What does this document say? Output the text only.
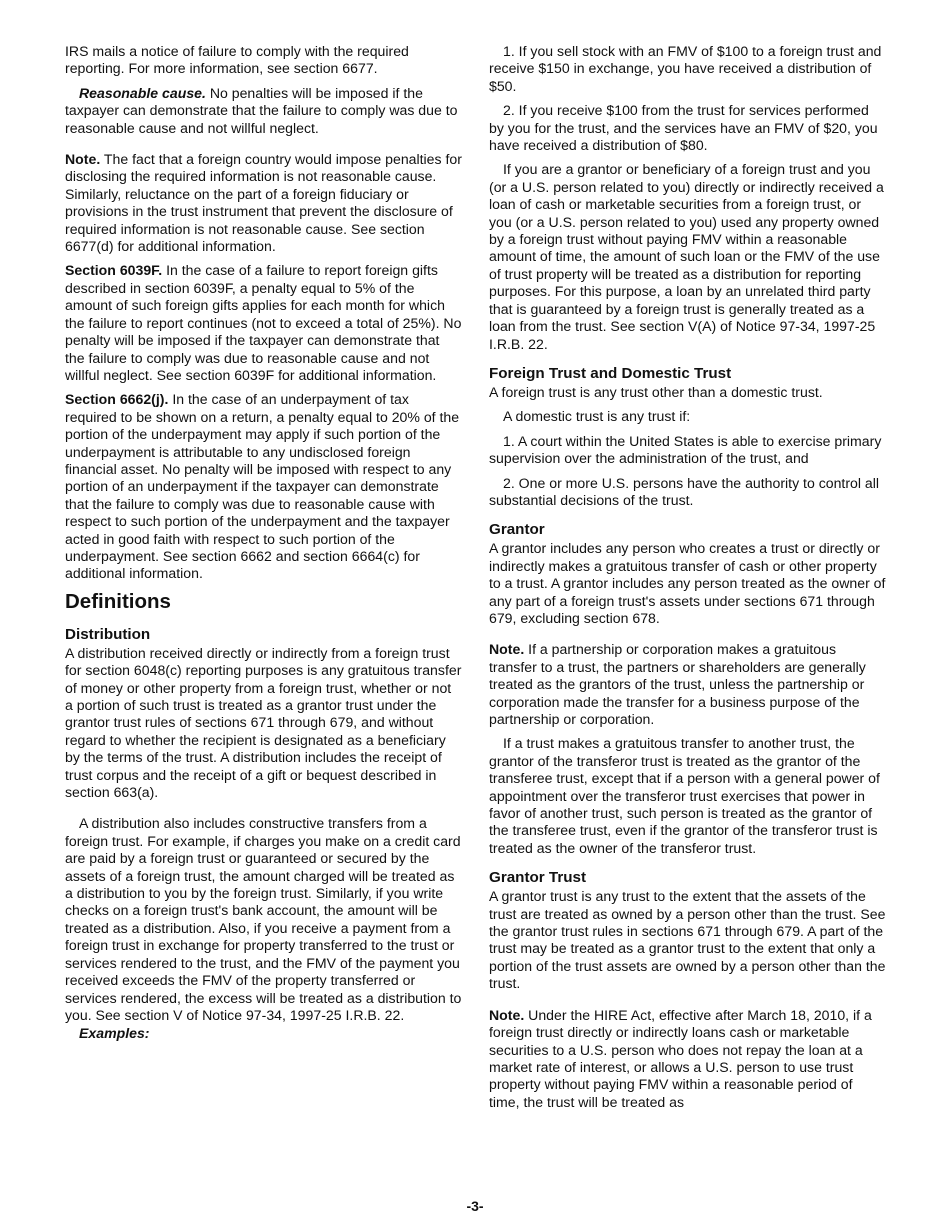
IRS mails a notice of failure to comply with the required reporting. For more information, see section 6677.

Reasonable cause. No penalties will be imposed if the taxpayer can demonstrate that the failure to comply was due to reasonable cause and not willful neglect.

Note. The fact that a foreign country would impose penalties for disclosing the required information is not reasonable cause. Similarly, reluctance on the part of a foreign fiduciary or provisions in the trust instrument that prevent the disclosure of required information is not reasonable cause. See section 6677(d) for additional information.

Section 6039F. In the case of a failure to report foreign gifts described in section 6039F, a penalty equal to 5% of the amount of such foreign gifts applies for each month for which the failure to report continues (not to exceed a total of 25%). No penalty will be imposed if the taxpayer can demonstrate that the failure to comply was due to reasonable cause and not willful neglect. See section 6039F for additional information.

Section 6662(j). In the case of an underpayment of tax required to be shown on a return, a penalty equal to 20% of the portion of the underpayment may apply if such portion of the underpayment is attributable to any undisclosed foreign financial asset. No penalty will be imposed with respect to any portion of an underpayment if the taxpayer can demonstrate that the failure to comply was due to reasonable cause with respect to such portion of the underpayment and the taxpayer acted in good faith with respect to such portion of the underpayment. See section 6662 and section 6664(c) for additional information.

Definitions
Distribution

A distribution received directly or indirectly from a foreign trust for section 6048(c) reporting purposes is any gratuitous transfer of money or other property from a foreign trust, whether or not a portion of such trust is treated as a grantor trust under the grantor trust rules of sections 671 through 679, and without regard to whether the recipient is designated as a beneficiary by the terms of the trust. A distribution includes the receipt of trust corpus and the receipt of a gift or bequest described in section 663(a).

A distribution also includes constructive transfers from a foreign trust. For example, if charges you make on a credit card are paid by a foreign trust or guaranteed or secured by the assets of a foreign trust, the amount charged will be treated as a distribution to you by the foreign trust. Similarly, if you write checks on a foreign trust's bank account, the amount will be treated as a distribution. Also, if you receive a payment from a foreign trust in exchange for property transferred to the trust or services rendered to the trust, and the FMV of the payment you received exceeds the FMV of the property transferred or services rendered, the excess will be treated as a distribution to you. See section V of Notice 97-34, 1997-25 I.R.B. 22.

Examples:

1. If you sell stock with an FMV of $100 to a foreign trust and receive $150 in exchange, you have received a distribution of $50.

2. If you receive $100 from the trust for services performed by you for the trust, and the services have an FMV of $20, you have received a distribution of $80.

If you are a grantor or beneficiary of a foreign trust and you (or a U.S. person related to you) directly or indirectly received a loan of cash or marketable securities from a foreign trust, or you (or a U.S. person related to you) used any property owned by a foreign trust without paying FMV within a reasonable amount of time, the amount of such loan or the FMV of the use of trust property will be treated as a distribution for reporting purposes. For this purpose, a loan by an unrelated third party that is guaranteed by a foreign trust is generally treated as a loan from the trust. See section V(A) of Notice 97-34, 1997-25 I.R.B. 22.

Foreign Trust and Domestic Trust

A foreign trust is any trust other than a domestic trust.

A domestic trust is any trust if:

1. A court within the United States is able to exercise primary supervision over the administration of the trust, and

2. One or more U.S. persons have the authority to control all substantial decisions of the trust.

Grantor

A grantor includes any person who creates a trust or directly or indirectly makes a gratuitous transfer of cash or other property to a trust. A grantor includes any person treated as the owner of any part of a foreign trust's assets under sections 671 through 679, excluding section 678.

Note. If a partnership or corporation makes a gratuitous transfer to a trust, the partners or shareholders are generally treated as the grantors of the trust, unless the partnership or corporation made the transfer for a business purpose of the partnership or corporation.

If a trust makes a gratuitous transfer to another trust, the grantor of the transferor trust is treated as the grantor of the transferee trust, except that if a person with a general power of appointment over the transferor trust exercises that power in favor of another trust, such person is treated as the grantor of the transferee trust, even if the grantor of the transferor trust is treated as the owner of the transferor trust.

Grantor Trust

A grantor trust is any trust to the extent that the assets of the trust are treated as owned by a person other than the trust. See the grantor trust rules in sections 671 through 679. A part of the trust may be treated as a grantor trust to the extent that only a portion of the trust assets are owned by a person other than the trust.

Note. Under the HIRE Act, effective after March 18, 2010, if a foreign trust directly or indirectly loans cash or marketable securities to a U.S. person who does not repay the loan at a market rate of interest, or allows a U.S. person to use trust property without paying FMV within a reasonable period of time, the trust will be treated as

-3-
